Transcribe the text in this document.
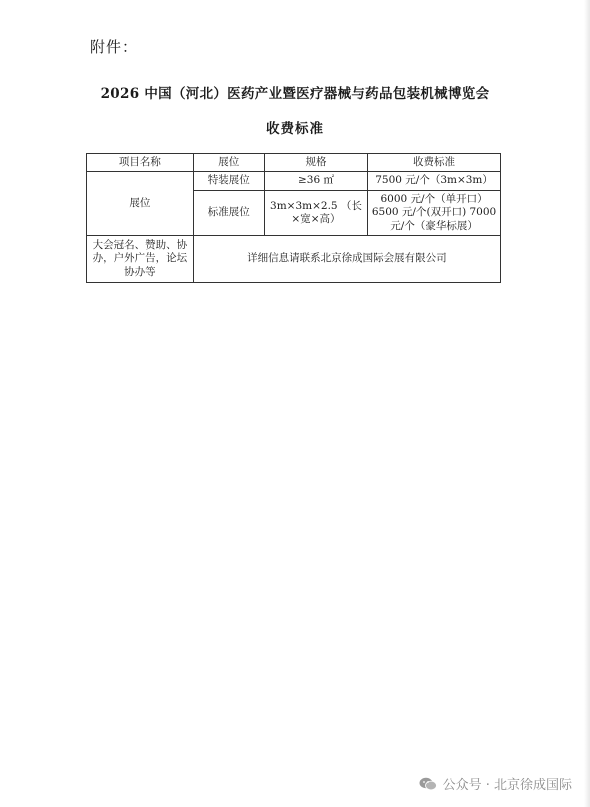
附件：
2026 中国（河北）医药产业暨医疗器械与药品包装机械博览会
收费标准
项目名称	展位	规格	收费标准
展位	特装展位	≥36 ㎡	7500 元/个（3m×3m）
	标准展位	3m×3m×2.5 （长×宽×高）	6000 元/个（单开口）
6500 元/个(双开口) 7000 元/个（豪华标展）

大会冠名、赞助、协办，户外广告，论坛协办等	详细信息请联系北京徐成国际会展有限公司		
公众号 · 北京徐成国际
